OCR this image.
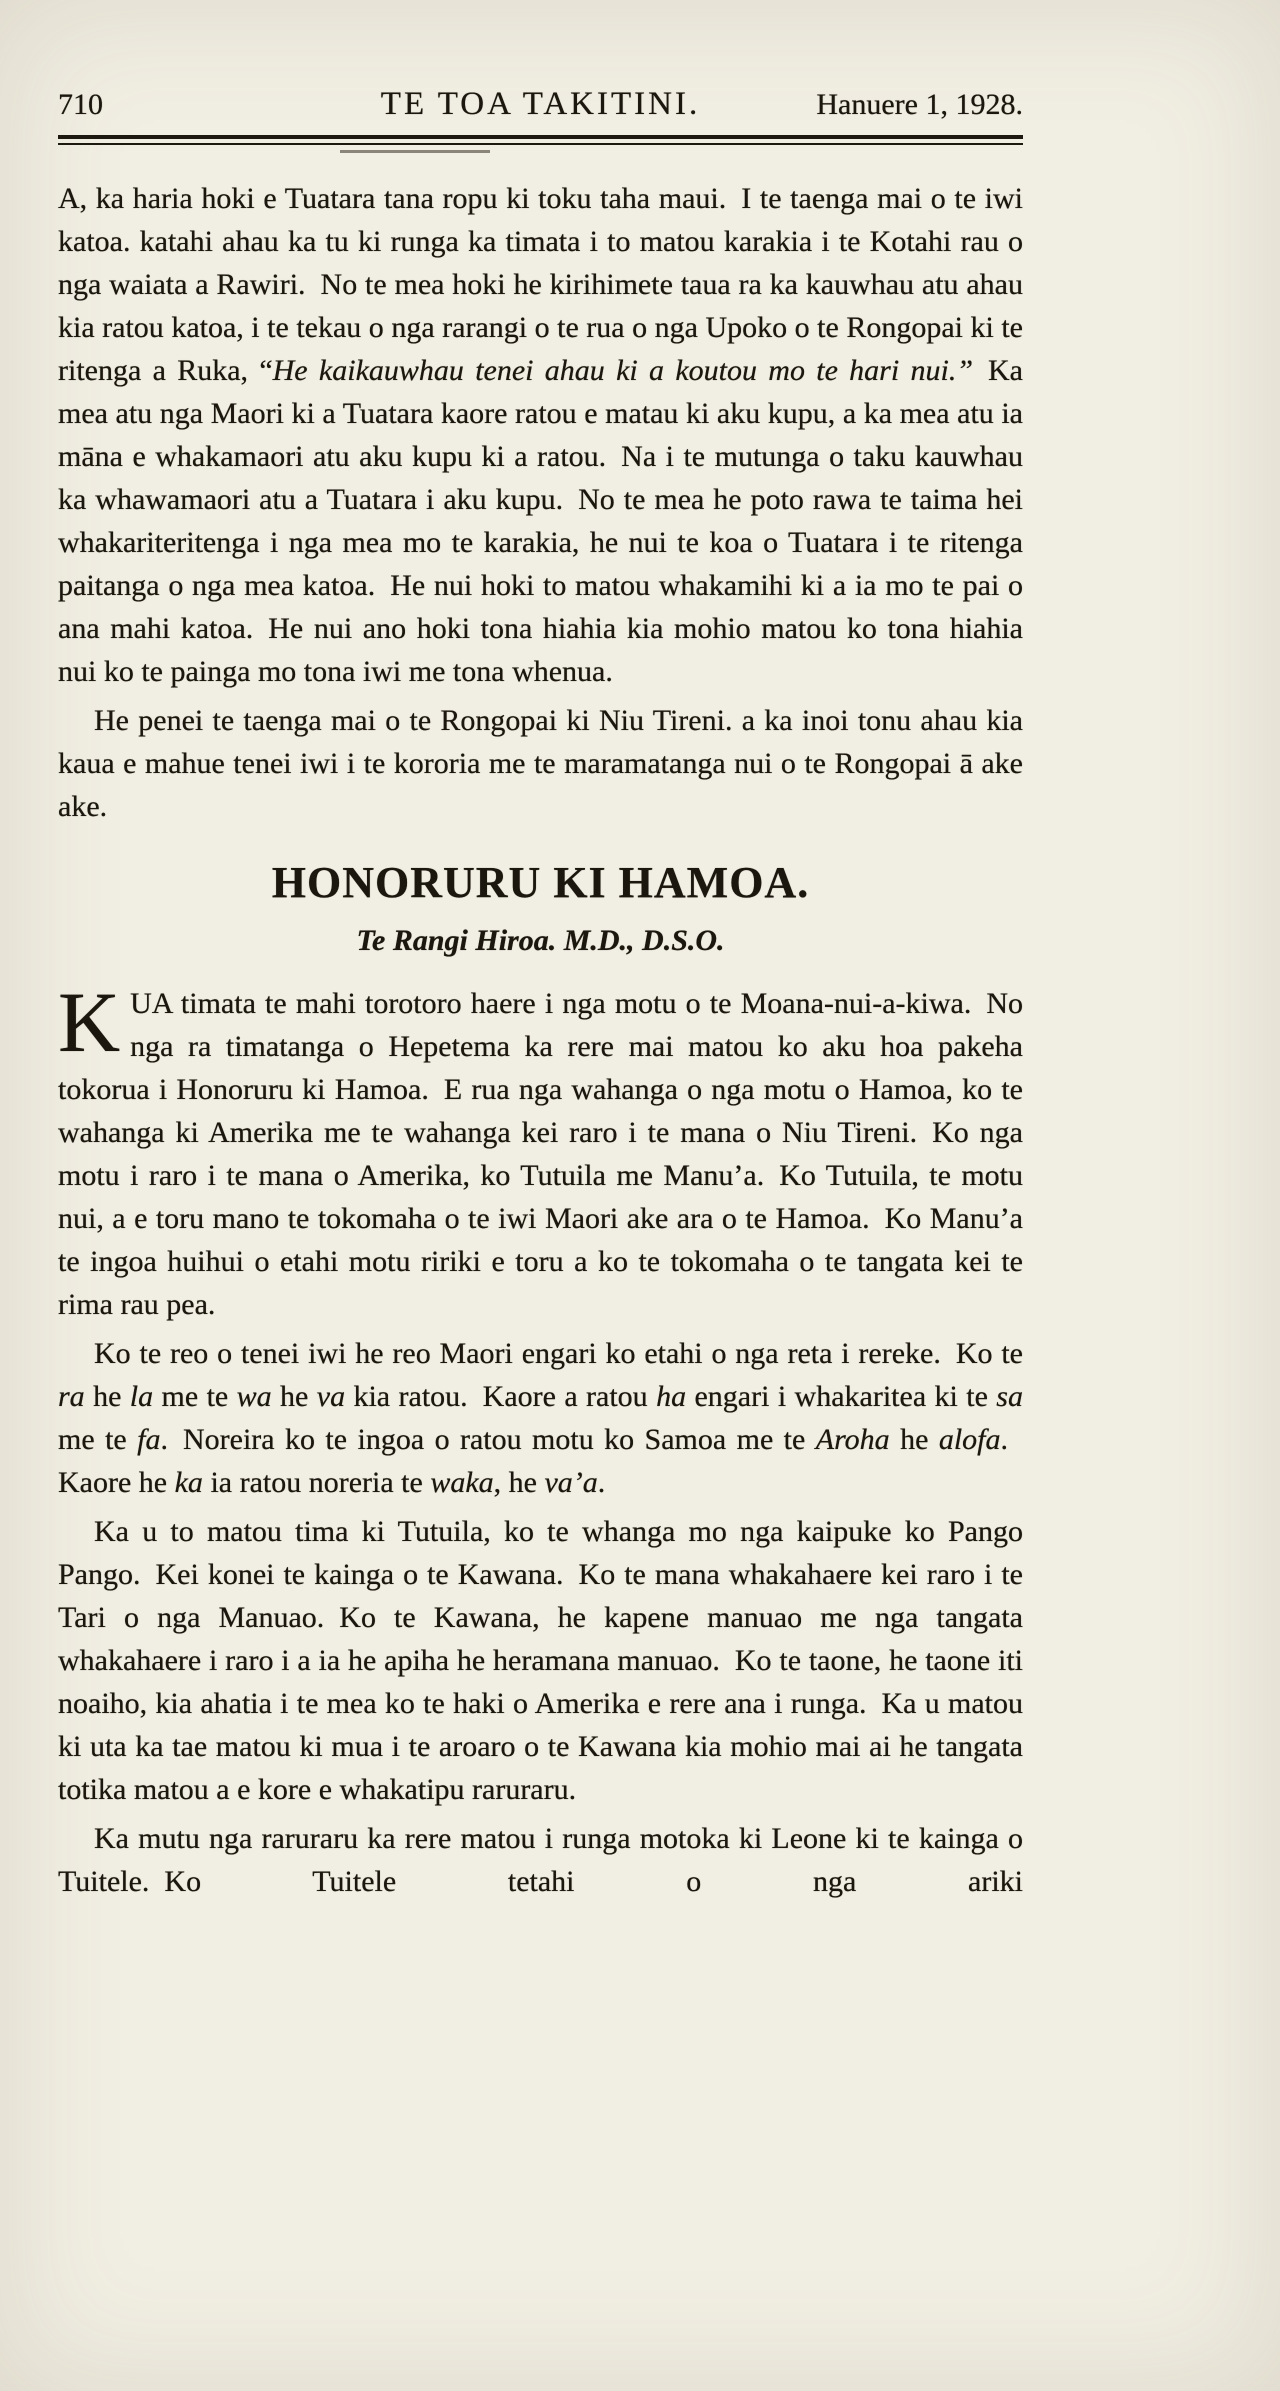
710	TE TOA TAKITINI.	Hanuere 1, 1928.

A, ka haria hoki e Tuatara tana ropu ki toku taha maui. I te taenga mai o te iwi katoa. katahi ahau ka tu ki runga ka timata i to matou karakia i te Kotahi rau o nga waiata a Rawiri. No te mea hoki he kirihimete taua ra ka kauwhau atu ahau kia ratou katoa, i te tekau o nga rarangi o te rua o nga Upoko o te Rongopai ki te ritenga a Ruka, “He kaikauwhau tenei ahau ki a koutou mo te hari nui.” Ka mea atu nga Maori ki a Tuatara kaore ratou e matau ki aku kupu, a ka mea atu ia māna e whakamaori atu aku kupu ki a ratou. Na i te mutunga o taku kauwhau ka whawamaori atu a Tuatara i aku kupu. No te mea he poto rawa te taima hei whakariteritenga i nga mea mo te karakia, he nui te koa o Tuatara i te ritenga paitanga o nga mea katoa. He nui hoki to matou whakamihi ki a ia mo te pai o ana mahi katoa. He nui ano hoki tona hiahia kia mohio matou ko tona hiahia nui ko te painga mo tona iwi me tona whenua.

He penei te taenga mai o te Rongopai ki Niu Tireni. a ka inoi tonu ahau kia kaua e mahue tenei iwi i te kororia me te maramatanga nui o te Rongopai ā ake ake.

HONORURU KI HAMOA.

Te Rangi Hiroa. M.D., D.S.O.

KUA timata te mahi torotoro haere i nga motu o te Moana-nui-a-kiwa. No nga ra timatanga o Hepetema ka rere mai matou ko aku hoa pakeha tokorua i Honoruru ki Hamoa. E rua nga wahanga o nga motu o Hamoa, ko te wahanga ki Amerika me te wahanga kei raro i te mana o Niu Tireni. Ko nga motu i raro i te mana o Amerika, ko Tutuila me Manu’a. Ko Tutuila, te motu nui, a e toru mano te tokomaha o te iwi Maori ake ara o te Hamoa. Ko Manu’a te ingoa huihui o etahi motu ririki e toru a ko te tokomaha o te tangata kei te rima rau pea.

Ko te reo o tenei iwi he reo Maori engari ko etahi o nga reta i rereke. Ko te ra he la me te wa he va kia ratou. Kaore a ratou ha engari i whakaritea ki te sa me te fa. Noreira ko te ingoa o ratou motu ko Samoa me te Aroha he alofa. Kaore he ka ia ratou noreria te waka, he va’a.

Ka u to matou tima ki Tutuila, ko te whanga mo nga kaipuke ko Pango Pango. Kei konei te kainga o te Kawana. Ko te mana whakahaere kei raro i te Tari o nga Manuao. Ko te Kawana, he kapene manuao me nga tangata whakahaere i raro i a ia he apiha he heramana manuao. Ko te taone, he taone iti noaiho, kia ahatia i te mea ko te haki o Amerika e rere ana i runga. Ka u matou ki uta ka tae matou ki mua i te aroaro o te Kawana kia mohio mai ai he tangata totika matou a e kore e whakatipu raruraru.

Ka mutu nga raruraru ka rere matou i runga motoka ki Leone ki te kainga o Tuitele. Ko Tuitele tetahi o nga ariki
